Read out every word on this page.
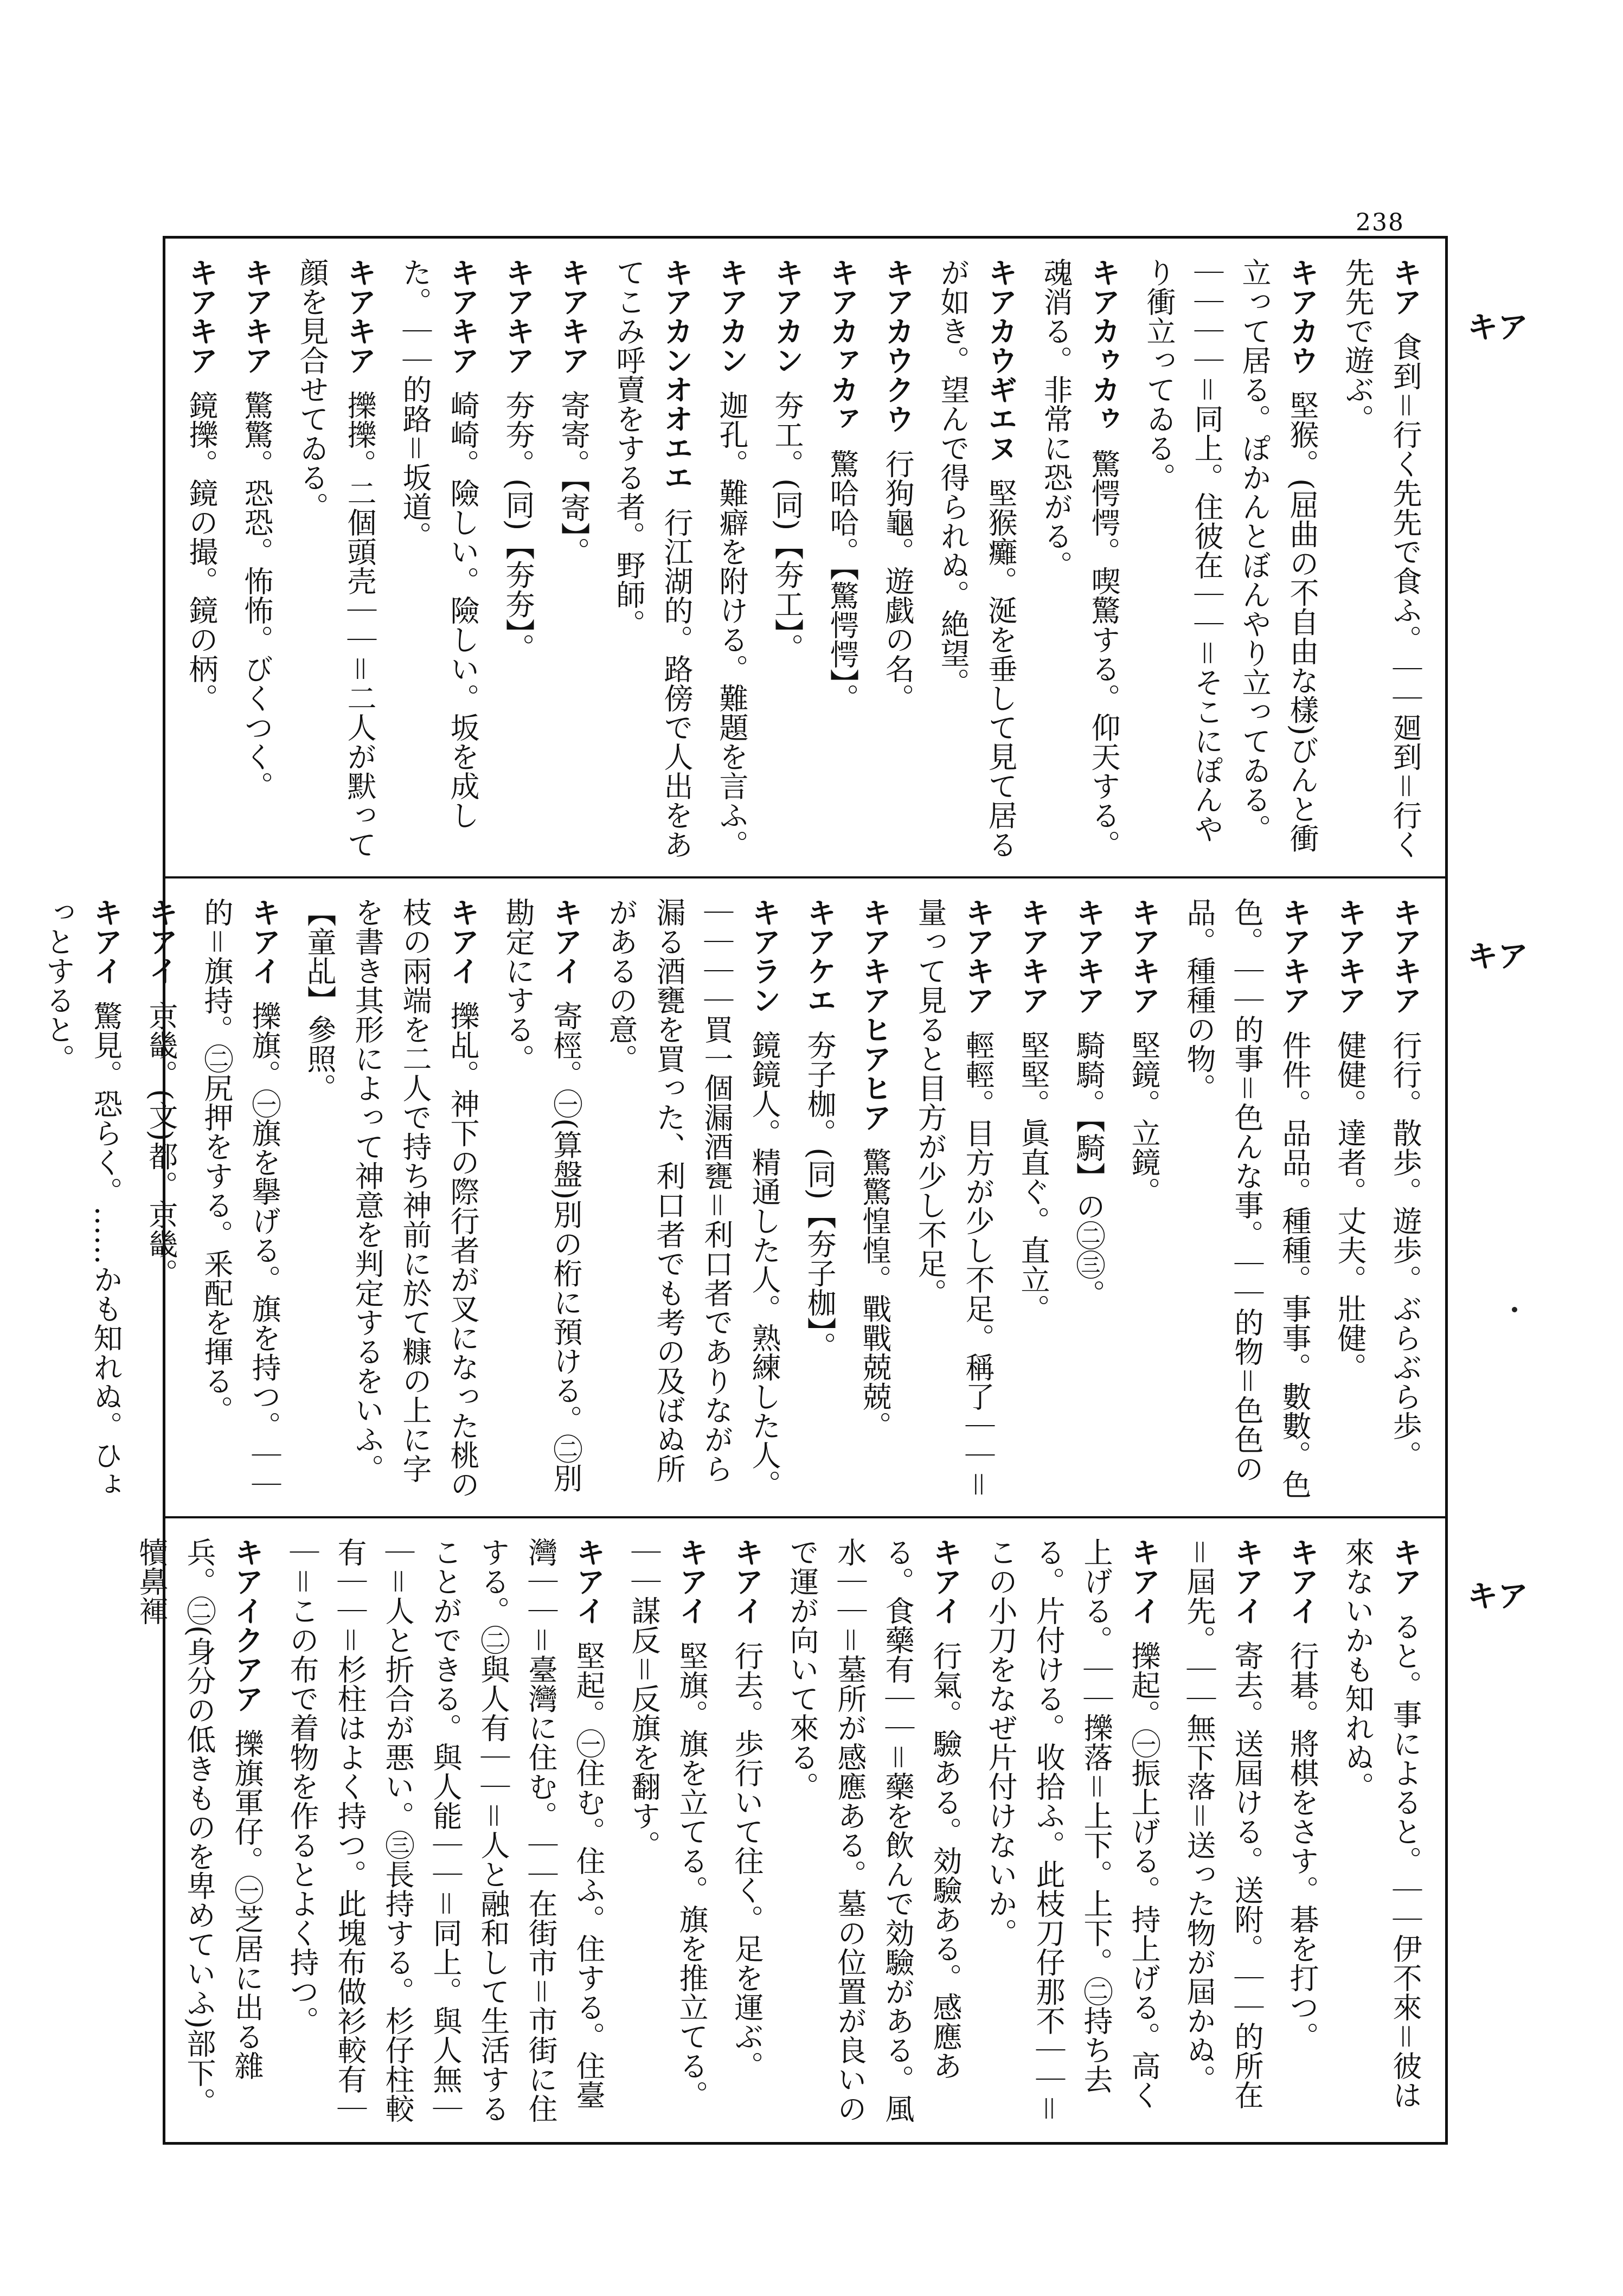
238
キア
キア
キア
キア 食到＝行く先先で食ふ。｜｜廻到＝行く先先で遊ぶ。
キアカウ 堅猴。(屈曲の不自由な樣)びんと衝立って居る。ぽかんとぼんやり立ってゐる。｜｜｜｜＝同上。住彼在｜｜＝そこにぽんやり衝立ってゐる。
キアカゥカゥ 驚愕愕。喫驚する。仰天する。魂消る。非常に恐がる。
キアカウギエヌ 堅猴癱。涎を垂して見て居るが如き。望んで得られぬ。絶望。
キアカウクウ 行狗龜。遊戯の名。
キアカァカァ 驚哈哈。【驚愕愕】。
キアカン 夯工。(同)【夯工】。
キアカン 迦孔。難癖を附ける。難題を言ふ。
キアカンオオエエ 行江湖的。路傍で人出をあてこみ呼賣をする者。野師。
キアキア 寄寄。【寄】。
キアキア 夯夯。(同)【夯夯】。
キアキア 崎崎。險しい。險しい。坂を成した。｜｜的路＝坂道。
キアキア 擽擽。二個頭壳｜｜＝二人が默って顔を見合せてゐる。
キアキア 驚驚。恐恐。怖怖。びくつく。
キアキア 鏡擽。鏡の撮。鏡の柄。
キアキア 行行。散歩。遊歩。ぶらぶら歩。
キアキア 健健。達者。丈夫。壯健。
キアキア 件件。品品。種種。事事。數數。色色。｜｜的事＝色んな事。｜｜的物＝色色の品。種種の物。
キアキア 堅鏡。立鏡。
キアキア 騎騎。【騎】の㊁㊂。
キアキア 堅堅。眞直ぐ。直立。
キアキア 輕輕。目方が少し不足。稱了｜｜＝量って見ると目方が少し不足。
キアキアヒアヒア 驚驚惶惶。戰戰兢兢。
キアケエ 夯子枷。(同)【夯子枷】。
キアラン 鏡鏡人。精通した人。熟練した人。｜｜｜｜買一個漏酒甕＝利口者でありながら漏る酒甕を買った、利口者でも考の及ばぬ所があるの意。
キアイ 寄桱。㊀(算盤)別の桁に預ける。㊁別勘定にする。
キアイ 擽乩。神下の際行者が叉になった桃の枝の兩端を二人で持ち神前に於て糠の上に字を書き其形によって神意を判定するをいふ。【童乩】參照。
キアイ 擽旗。㊀旗を擧げる。旗を持つ。｜｜的＝旗持。㊁尻押をする。釆配を揮る。
キアイ 京畿。(文)都。京畿。
キアイ 驚見。恐らく。……かも知れぬ。ひょっとすると。
キア ると。事によると。｜｜伊不來＝彼は來ないかも知れぬ。
キアイ 行碁。將棋をさす。碁を打つ。
キアイ 寄去。送屆ける。送附。｜｜的所在＝屆先。｜｜無下落＝送った物が屆かぬ。
キアイ 擽起。㊀振上げる。持上げる。高く上げる。｜｜擽落＝上下。上下。㊁持ち去る。片付ける。收拾ふ。此枝刀仔那不｜｜＝この小刀をなぜ片付けないか。
キアイ 行氣。驗ある。効驗ある。感應ある。食藥有｜｜＝藥を飲んで効驗がある。風水｜｜＝墓所が感應ある。墓の位置が良いので運が向いて來る。
キアイ 行去。歩行いて往く。足を運ぶ。
キアイ 堅旗。旗を立てる。旗を推立てる。｜｜謀反＝反旗を翻す。
キアイ 堅起。㊀住む。住ふ。住する。住臺灣｜｜＝臺灣に住む。｜｜在街市＝市街に住する。㊁與人有｜｜＝人と融和して生活することができる。與人能｜｜＝同上。與人無｜｜＝人と折合が悪い。㊂長持する。杉仔柱較有｜｜＝杉柱はよく持つ。此塊布做衫較有｜｜＝この布で着物を作るとよく持つ。
キアイクアア 擽旗軍仔。㊀芝居に出る雜兵。㊁(身分の低きものを卑めていふ)部下。犢鼻褌
